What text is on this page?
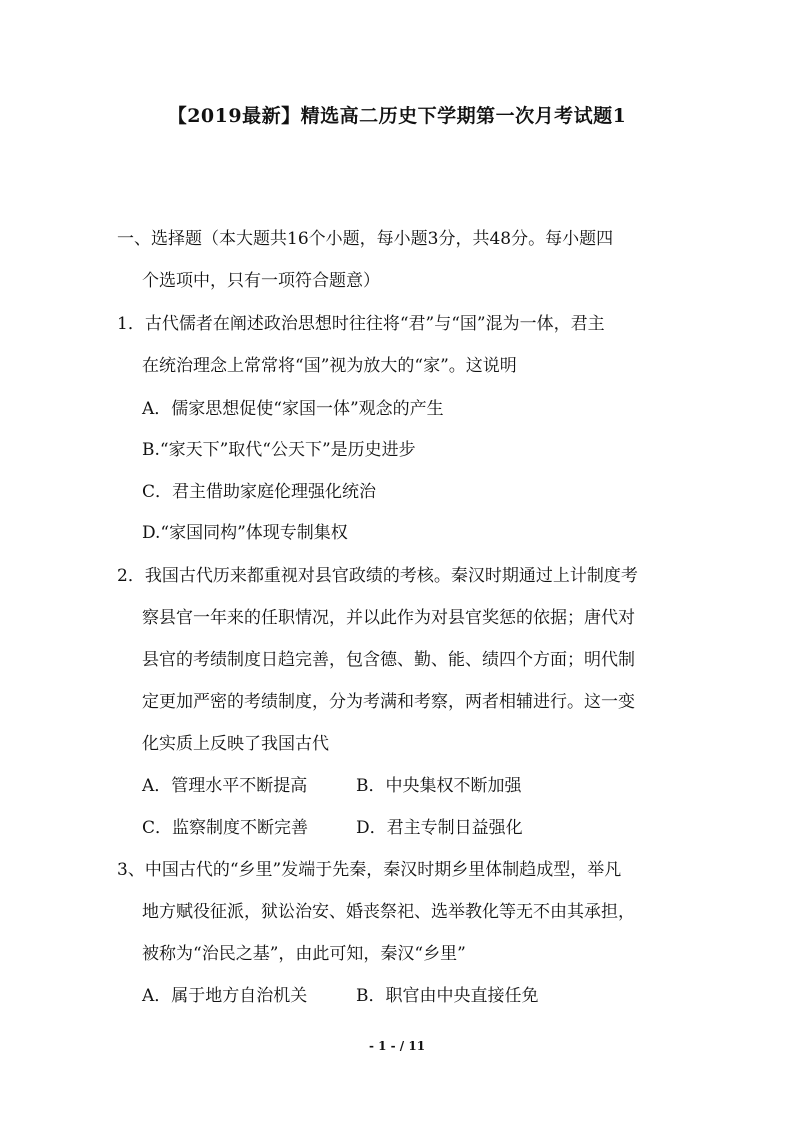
【2019最新】精选高二历史下学期第一次月考试题1
一、选择题（本大题共16个小题，每小题3分，共48分。每小题四
个选项中，只有一项符合题意）
1．古代儒者在阐述政治思想时往往将“君”与“国”混为一体，君主
在统治理念上常常将“国”视为放大的“家”。这说明
A．儒家思想促使“家国一体”观念的产生
B.“家天下”取代“公天下”是历史进步
C．君主借助家庭伦理强化统治
D.“家国同构”体现专制集权
2．我国古代历来都重视对县官政绩的考核。秦汉时期通过上计制度考
察县官一年来的任职情况，并以此作为对县官奖惩的依据；唐代对
县官的考绩制度日趋完善，包含德、勤、能、绩四个方面；明代制
定更加严密的考绩制度，分为考满和考察，两者相辅进行。这一变
化实质上反映了我国古代
A．管理水平不断提高	B．中央集权不断加强
C．监察制度不断完善	D．君主专制日益强化
3、中国古代的“乡里”发端于先秦，秦汉时期乡里体制趋成型，举凡
地方赋役征派，狱讼治安、婚丧祭祀、选举教化等无不由其承担，
被称为“治民之基”，由此可知，秦汉“乡里”
A．属于地方自治机关	B．职官由中央直接任免
- 1 - / 11
